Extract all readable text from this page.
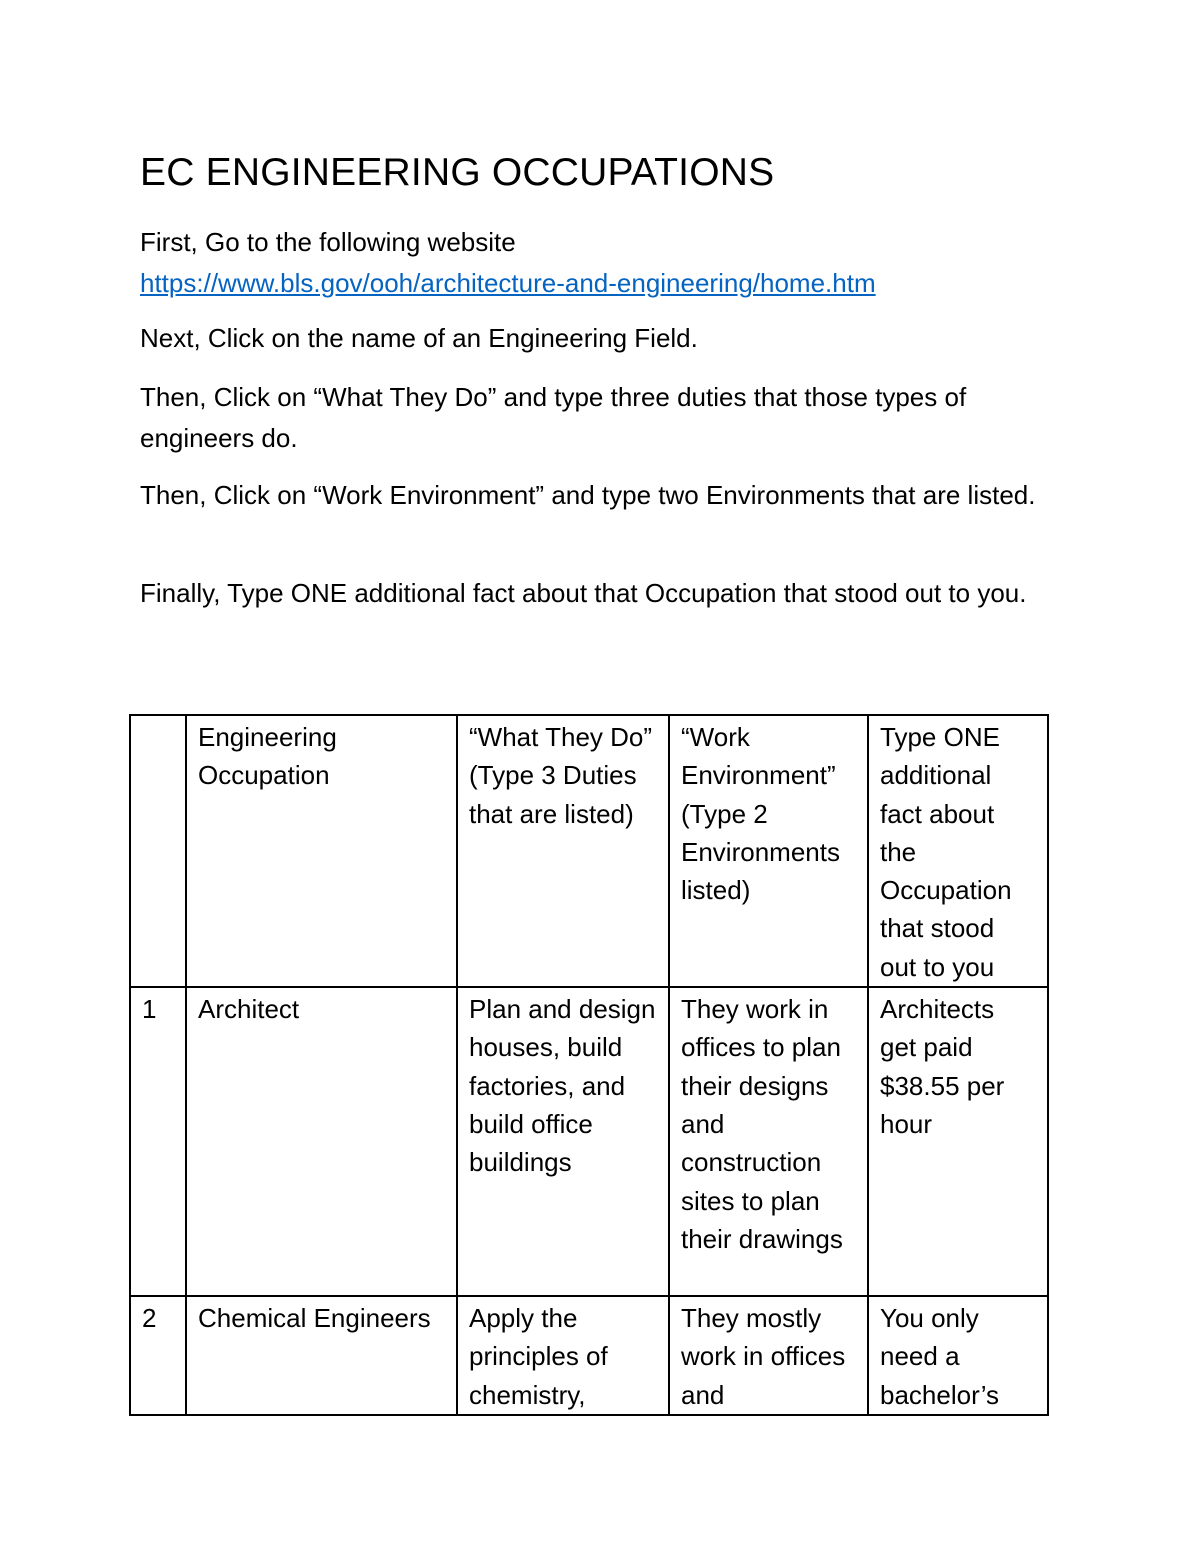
EC ENGINEERING OCCUPATIONS

First, Go to the following website
https://www.bls.gov/ooh/architecture-and-engineering/home.htm

Next, Click on the name of an Engineering Field.

Then, Click on “What They Do” and type three duties that those types of engineers do.

Then, Click on “Work Environment” and type two Environments that are listed.

Finally, Type ONE additional fact about that Occupation that stood out to you.

	Engineering Occupation	“What They Do” (Type 3 Duties that are listed)	“Work Environment” (Type 2 Environments listed)	Type ONE additional fact about the Occupation that stood out to you
1	Architect	Plan and design houses, build factories, and build office buildings	They work in offices to plan their designs and construction sites to plan their drawings	Architects get paid $38.55 per hour
2	Chemical Engineers	Apply the principles of chemistry,	They mostly work in offices and	You only need a bachelor’s
